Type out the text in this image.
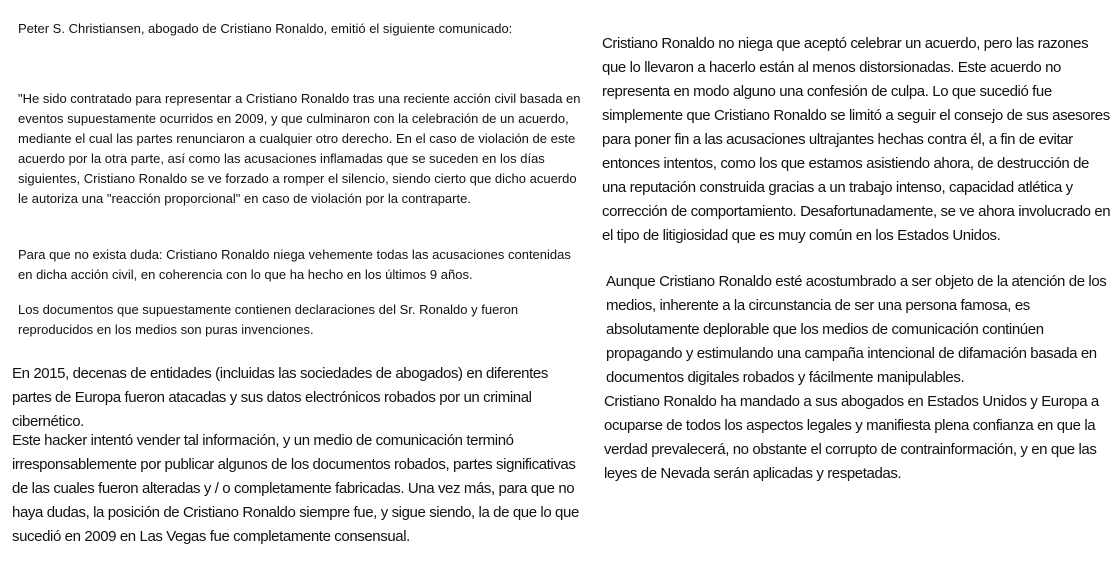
Peter S. Christiansen, abogado de Cristiano Ronaldo, emitió el siguiente comunicado:

"He sido contratado para representar a Cristiano Ronaldo tras una reciente acción civil basada en eventos supuestamente ocurridos en 2009, y que culminaron con la celebración de un acuerdo, mediante el cual las partes renunciaron a cualquier otro derecho. En el caso de violación de este acuerdo por la otra parte, así como las acusaciones inflamadas que se suceden en los días siguientes, Cristiano Ronaldo se ve forzado a romper el silencio, siendo cierto que dicho acuerdo le autoriza una "reacción proporcional" en caso de violación por la contraparte.

Para que no exista duda: Cristiano Ronaldo niega vehemente todas las acusaciones contenidas en dicha acción civil, en coherencia con lo que ha hecho en los últimos 9 años.

Los documentos que supuestamente contienen declaraciones del Sr. Ronaldo y fueron reproducidos en los medios son puras invenciones.

En 2015, decenas de entidades (incluidas las sociedades de abogados) en diferentes partes de Europa fueron atacadas y sus datos electrónicos robados por un criminal cibernético.

Este hacker intentó vender tal información, y un medio de comunicación terminó irresponsablemente por publicar algunos de los documentos robados, partes significativas de las cuales fueron alteradas y / o completamente fabricadas. Una vez más, para que no haya dudas, la posición de Cristiano Ronaldo siempre fue, y sigue siendo, la de que lo que sucedió en 2009 en Las Vegas fue completamente consensual.

Cristiano Ronaldo no niega que aceptó celebrar un acuerdo, pero las razones que lo llevaron a hacerlo están al menos distorsionadas. Este acuerdo no representa en modo alguno una confesión de culpa. Lo que sucedió fue simplemente que Cristiano Ronaldo se limitó a seguir el consejo de sus asesores para poner fin a las acusaciones ultrajantes hechas contra él, a fin de evitar entonces intentos, como los que estamos asistiendo ahora, de destrucción de una reputación construida gracias a un trabajo intenso, capacidad atlética y corrección de comportamiento. Desafortunadamente, se ve ahora involucrado en el tipo de litigiosidad que es muy común en los Estados Unidos.

Aunque Cristiano Ronaldo esté acostumbrado a ser objeto de la atención de los medios, inherente a la circunstancia de ser una persona famosa, es absolutamente deplorable que los medios de comunicación continúen propagando y estimulando una campaña intencional de difamación basada en documentos digitales robados y fácilmente manipulables.

Cristiano Ronaldo ha mandado a sus abogados en Estados Unidos y Europa a ocuparse de todos los aspectos legales y manifiesta plena confianza en que la verdad prevalecerá, no obstante el corrupto de contrainformación, y en que las leyes de Nevada serán aplicadas y respetadas.
